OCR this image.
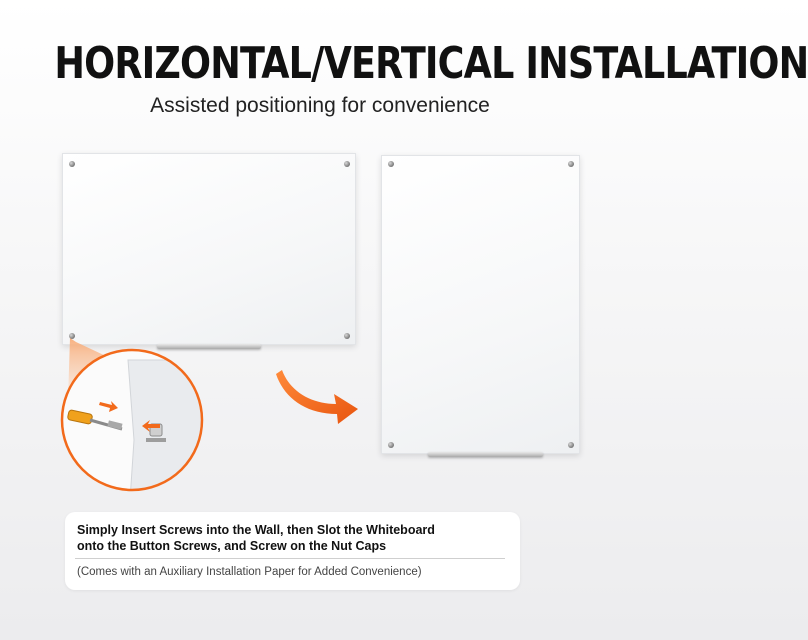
HORIZONTAL/VERTICAL INSTALLATION
Assisted positioning for convenience
Simply Insert Screws into the Wall, then Slot the Whiteboard
onto the Button Screws, and Screw on the Nut Caps
(Comes with an Auxiliary Installation Paper for Added Convenience)
